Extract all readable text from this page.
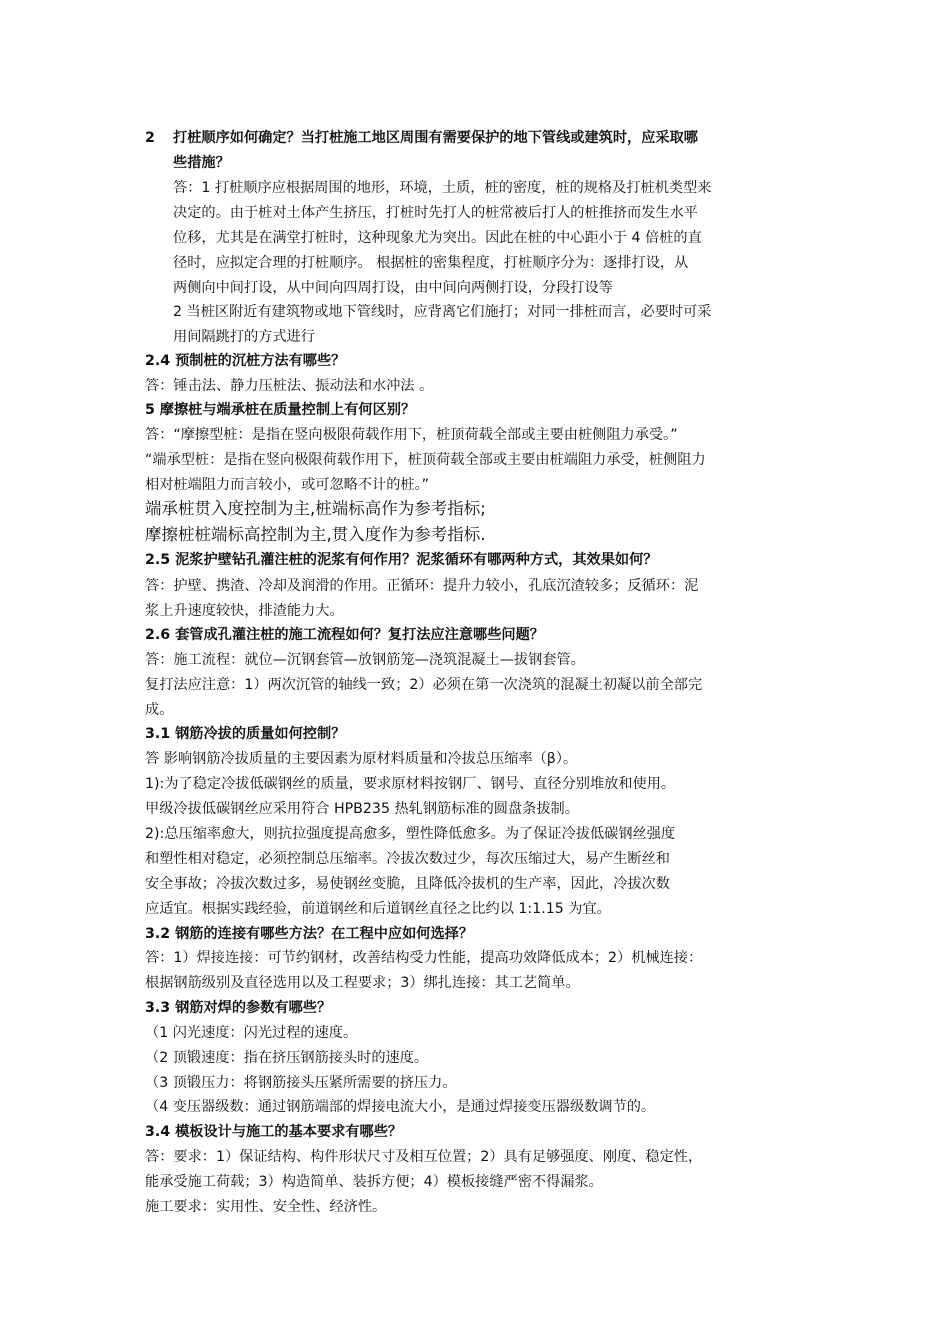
2 打桩顺序如何确定？当打桩施工地区周围有需要保护的地下管线或建筑时，应采取哪
些措施？
答：1 打桩顺序应根据周围的地形，环境，土质，桩的密度，桩的规格及打桩机类型来
决定的。由于桩对土体产生挤压，打桩时先打人的桩常被后打人的桩推挤而发生水平
位移，尤其是在满堂打桩时，这种现象尤为突出。因此在桩的中心距小于 4 倍桩的直
径时，应拟定合理的打桩顺序。 根据桩的密集程度，打桩顺序分为：逐排打设，从
两侧向中间打设，从中间向四周打设，由中间向两侧打设，分段打设等
2 当桩区附近有建筑物或地下管线时，应背离它们施打；对同一排桩而言，必要时可采
用间隔跳打的方式进行
2.4 预制桩的沉桩方法有哪些？
答：锤击法、静力压桩法、振动法和水冲法 。
5 摩擦桩与端承桩在质量控制上有何区别？
答：“摩擦型桩：是指在竖向极限荷载作用下，桩顶荷载全部或主要由桩侧阻力承受。”
“端承型桩：是指在竖向极限荷载作用下，桩顶荷载全部或主要由桩端阻力承受，桩侧阻力
相对桩端阻力而言较小，或可忽略不计的桩。”
端承桩贯入度控制为主,桩端标高作为参考指标;
摩擦桩桩端标高控制为主,贯入度作为参考指标.
2.5 泥浆护壁钻孔灌注桩的泥浆有何作用？泥浆循环有哪两种方式，其效果如何？
答：护壁、携渣、冷却及润滑的作用。正循环：提升力较小，孔底沉渣较多；反循环：泥
浆上升速度较快，排渣能力大。
2.6 套管成孔灌注桩的施工流程如何？复打法应注意哪些问题？
答：施工流程：就位—沉钢套管—放钢筋笼—浇筑混凝土—拔钢套管。
复打法应注意：1）两次沉管的轴线一致；2）必须在第一次浇筑的混凝土初凝以前全部完
成。
3.1 钢筋冷拔的质量如何控制？
答 影响钢筋冷拔质量的主要因素为原材料质量和冷拔总压缩率（β）。
1):为了稳定冷拔低碳钢丝的质量，要求原材料按钢厂、钢号、直径分别堆放和使用。
甲级冷拔低碳钢丝应采用符合 HPB235 热轧钢筋标准的圆盘条拔制。
2):总压缩率愈大，则抗拉强度提高愈多，塑性降低愈多。为了保证冷拔低碳钢丝强度
和塑性相对稳定，必须控制总压缩率。冷拔次数过少，每次压缩过大，易产生断丝和
安全事故；冷拔次数过多，易使钢丝变脆，且降低冷拔机的生产率，因此，冷拔次数
应适宜。根据实践经验，前道钢丝和后道钢丝直径之比约以 1:1.15 为宜。
3.2 钢筋的连接有哪些方法？在工程中应如何选择？
答：1）焊接连接：可节约钢材，改善结构受力性能，提高功效降低成本；2）机械连接：
根据钢筋级别及直径选用以及工程要求；3）绑扎连接：其工艺简单。
3.3 钢筋对焊的参数有哪些？
（1 闪光速度：闪光过程的速度。
（2 顶锻速度：指在挤压钢筋接头时的速度。
（3 顶锻压力：将钢筋接头压紧所需要的挤压力。
（4 变压器级数：通过钢筋端部的焊接电流大小，是通过焊接变压器级数调节的。
3.4 模板设计与施工的基本要求有哪些？
答：要求：1）保证结构、构件形状尺寸及相互位置；2）具有足够强度、刚度、稳定性，
能承受施工荷载；3）构造简单、装拆方便；4）模板接缝严密不得漏浆。
施工要求：实用性、安全性、经济性。
